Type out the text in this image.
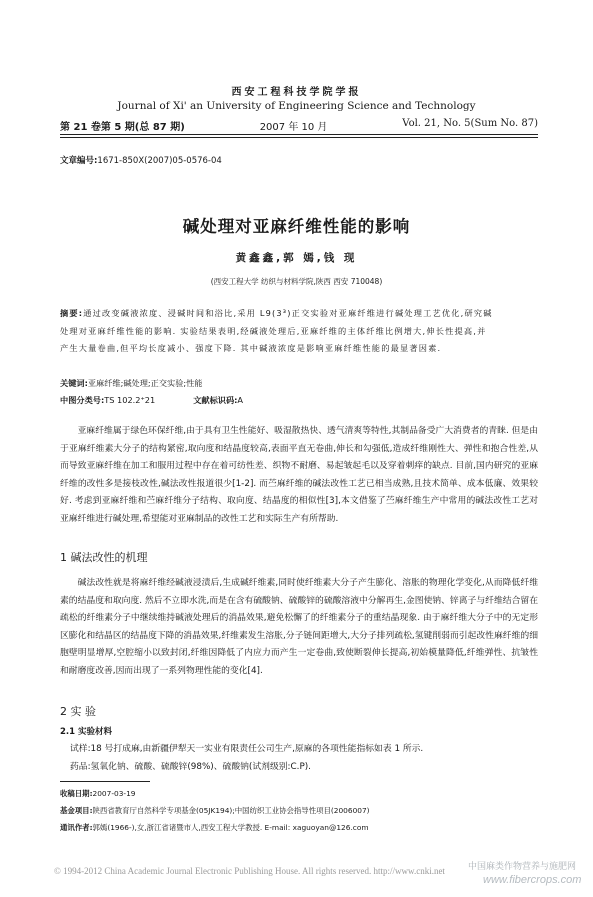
西安工程科技学院学报
Journal of Xi' an University of Engineering Science and Technology
第 21 卷第 5 期(总 87 期)	2007 年 10 月	Vol. 21, No. 5(Sum No. 87)
文章编号:1671-850X(2007)05-0576-04
碱处理对亚麻纤维性能的影响
黄鑫鑫,郭 嫣,钱 现
(西安工程大学 纺织与材料学院,陕西 西安 710048)
摘要:通过改变碱液浓度、浸碱时间和浴比,采用 L9(3³)正交实验对亚麻纤维进行碱处理工艺优化,研究碱处理对亚麻纤维性能的影响. 实验结果表明,经碱液处理后,亚麻纤维的主体纤维比例增大,伸长性提高,并产生大量卷曲,但平均长度减小、强度下降. 其中碱液浓度是影响亚麻纤维性能的最显著因素.
关键词:亚麻纤维;碱处理;正交实验;性能
中图分类号:TS 102.2⁺21	文献标识码:A
亚麻纤维属于绿色环保纤维,由于具有卫生性能好、吸湿散热快、透气清爽等特性,其制品备受广大消费者的青睐. 但是由于亚麻纤维素大分子的结构紧密,取向度和结晶度较高,表面平直无卷曲,伸长和勾强低,造成纤维刚性大、弹性和抱合性差,从而导致亚麻纤维在加工和服用过程中存在着可纺性差、织物不耐磨、易起皱起毛以及穿着刺痒的缺点. 目前,国内研究的亚麻纤维的改性多是接枝改性,碱法改性报道很少[1-2]. 而苎麻纤维的碱法改性工艺已相当成熟,且技术简单、成本低廉、效果较好. 考虑到亚麻纤维和苎麻纤维分子结构、取向度、结晶度的相似性[3],本文借鉴了苎麻纤维生产中常用的碱法改性工艺对亚麻纤维进行碱处理,希望能对亚麻制品的改性工艺和实际生产有所帮助.
1 碱法改性的机理
碱法改性就是将麻纤维经碱液浸渍后,生成碱纤维素,同时使纤维素大分子产生膨化、溶胀的物理化学变化,从而降低纤维素的结晶度和取向度. 然后不立即水洗,而是在含有硫酸钠、硫酸锌的硫酸溶液中分解再生,金图使钠、锌离子与纤维结合留在疏松的纤维素分子中继续维持碱液处理后的消晶效果,避免松懈了的纤维素分子的重结晶现象. 由于麻纤维大分子中的无定形区膨化和结晶区的结晶度下降的消晶效果,纤维素发生溶胀,分子链间距增大,大分子排列疏松,氢键削弱而引起改性麻纤维的细胞壁明显增厚,空腔缩小以致封闭,纤维因降低了内应力而产生一定卷曲,致使断裂伸长提高,初始模量降低,纤维弹性、抗皱性和耐磨度改善,因而出现了一系列物理性能的变化[4].
2 实 验
2.1 实验材料
试样:18 号打成麻,由新疆伊犁天一实业有限责任公司生产,原麻的各项性能指标如表 1 所示.
药品:氢氧化钠、硫酸、硫酸锌(98%)、硫酸钠(试剂级别:C.P).
收稿日期:2007-03-19
基金项目:陕西省教育厅自然科学专项基金(05JK194);中国纺织工业协会指导性项目(2006007)
通讯作者:郭嫣(1966-),女,浙江省诸暨市人,西安工程大学教授. E-mail: xaguoyan@126.com
© 1994-2012 China Academic Journal Electronic Publishing House. All rights reserved. http://www.cnki.net	中国麻类作物营养与施肥网
www.fibercrops.com
